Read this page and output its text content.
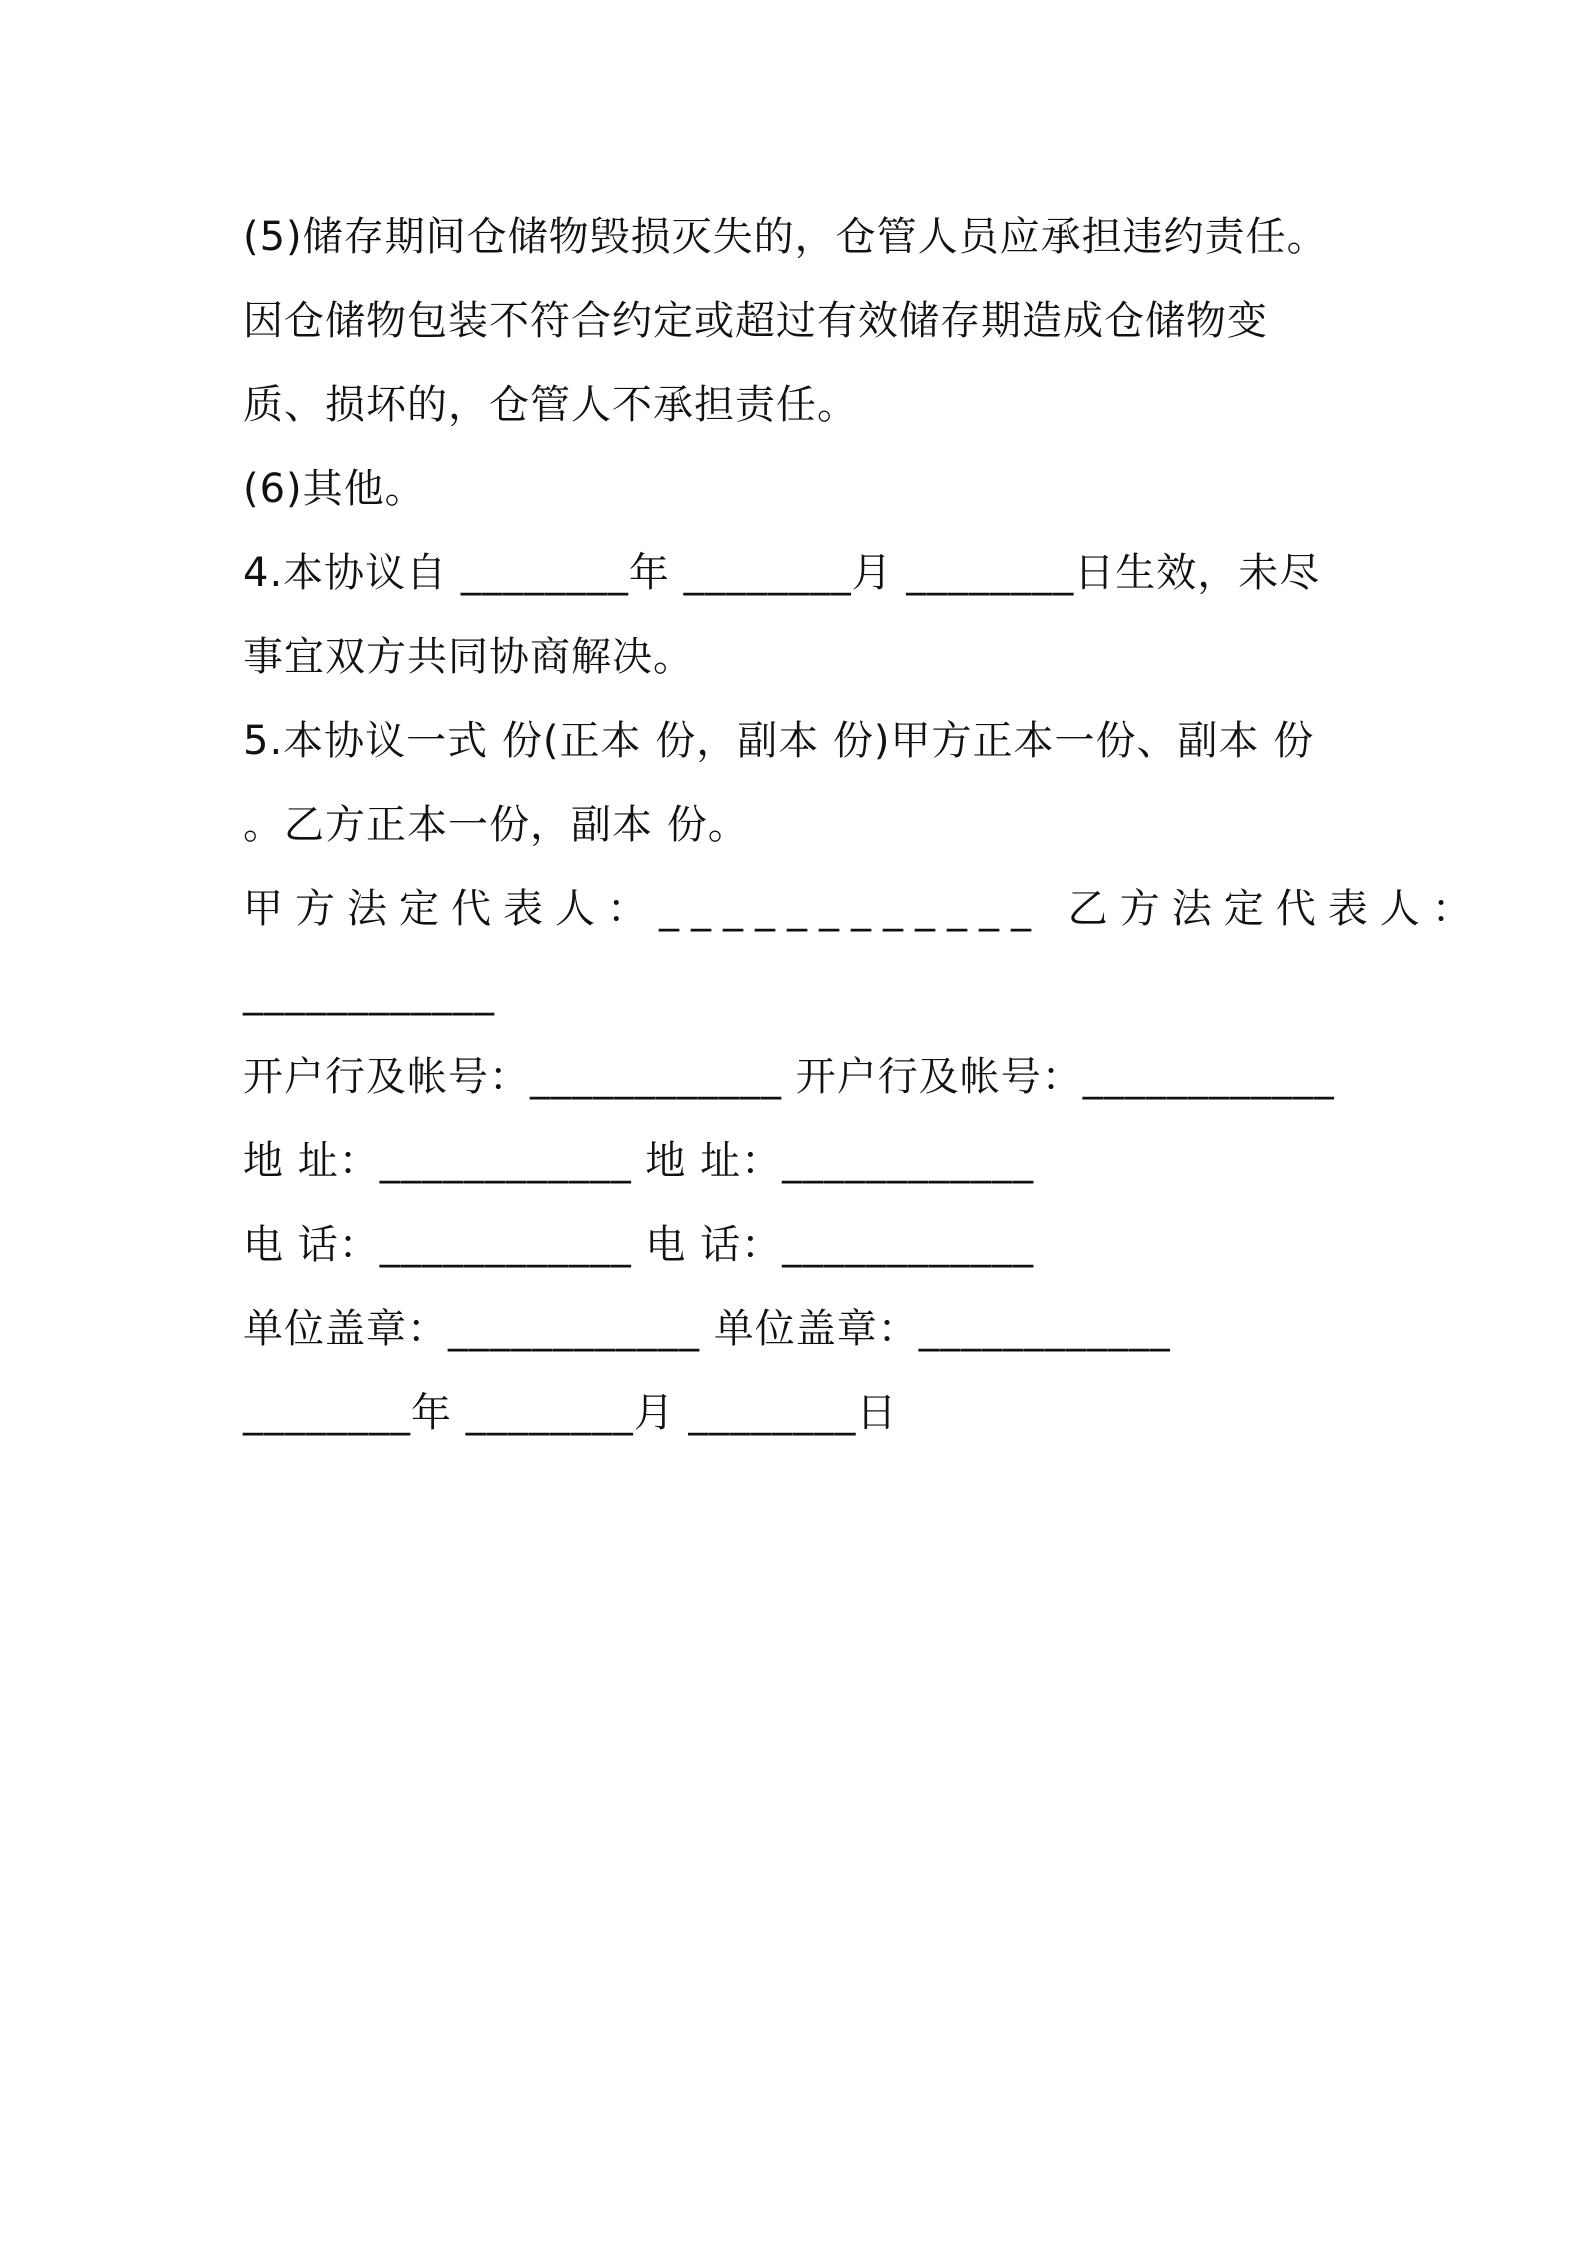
(5)储存期间仓储物毁损灭失的，仓管人员应承担违约责任。
因仓储物包装不符合约定或超过有效储存期造成仓储物变
质、损坏的，仓管人不承担责任。
(6)其他。
4.本协议自 ________年 ________月 ________日生效，未尽
事宜双方共同协商解决。
5.本协议一式 份(正本 份，副本 份)甲方正本一份、副本 份
。乙方正本一份，副本 份。
甲方法定代表人：____________ 乙方法定代表人：
____________
开户行及帐号：____________ 开户行及帐号：____________
地 址：____________ 地 址：____________
电 话：____________ 电 话：____________
单位盖章：____________ 单位盖章：____________
________年 ________月 ________日
